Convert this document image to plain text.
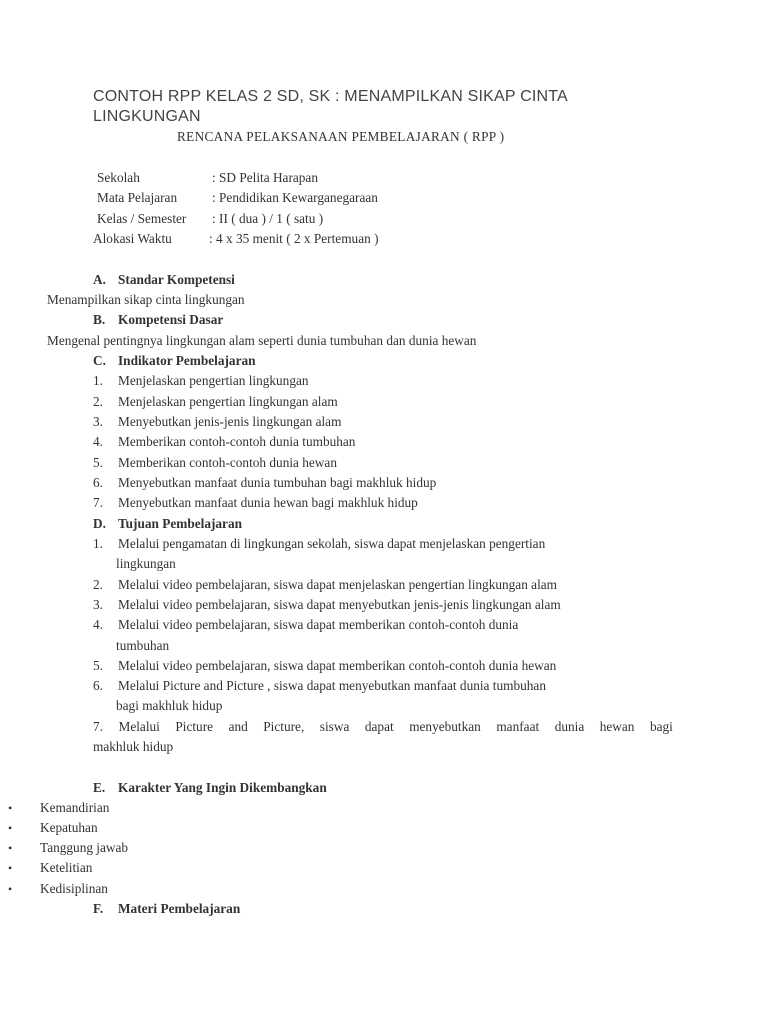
CONTOH RPP KELAS 2 SD, SK : MENAMPILKAN SIKAP CINTA
LINGKUNGAN
RENCANA PELAKSANAAN PEMBELAJARAN ( RPP )
Sekolah	: SD Pelita Harapan
Mata Pelajaran	: Pendidikan Kewarganegaraan
Kelas / Semester : II ( dua ) / 1 ( satu )
Alokasi Waktu	: 4 x 35 menit ( 2 x Pertemuan )
A. Standar Kompetensi
Menampilkan sikap cinta lingkungan
B. Kompetensi Dasar
Mengenal pentingnya lingkungan alam seperti dunia tumbuhan dan dunia hewan
C. Indikator Pembelajaran
1. Menjelaskan pengertian lingkungan
2. Menjelaskan pengertian lingkungan alam
3. Menyebutkan jenis-jenis lingkungan alam
4. Memberikan contoh-contoh dunia tumbuhan
5. Memberikan contoh-contoh dunia hewan
6. Menyebutkan manfaat dunia tumbuhan bagi makhluk hidup
7. Menyebutkan manfaat dunia hewan bagi makhluk hidup
D. Tujuan Pembelajaran
1. Melalui pengamatan di lingkungan sekolah, siswa dapat menjelaskan pengertian
lingkungan
2. Melalui video pembelajaran, siswa dapat menjelaskan pengertian lingkungan alam
3. Melalui video pembelajaran, siswa dapat menyebutkan jenis-jenis lingkungan alam
4. Melalui video pembelajaran, siswa dapat memberikan contoh-contoh dunia
tumbuhan
5. Melalui video pembelajaran, siswa dapat memberikan contoh-contoh dunia hewan
6. Melalui Picture and Picture , siswa dapat menyebutkan manfaat dunia tumbuhan
bagi makhluk hidup
7. Melalui Picture and Picture, siswa dapat menyebutkan manfaat dunia hewan bagi
makhluk hidup
E. Karakter Yang Ingin Dikembangkan
• Kemandirian
• Kepatuhan
• Tanggung jawab
• Ketelitian
• Kedisiplinan
F. Materi Pembelajaran
